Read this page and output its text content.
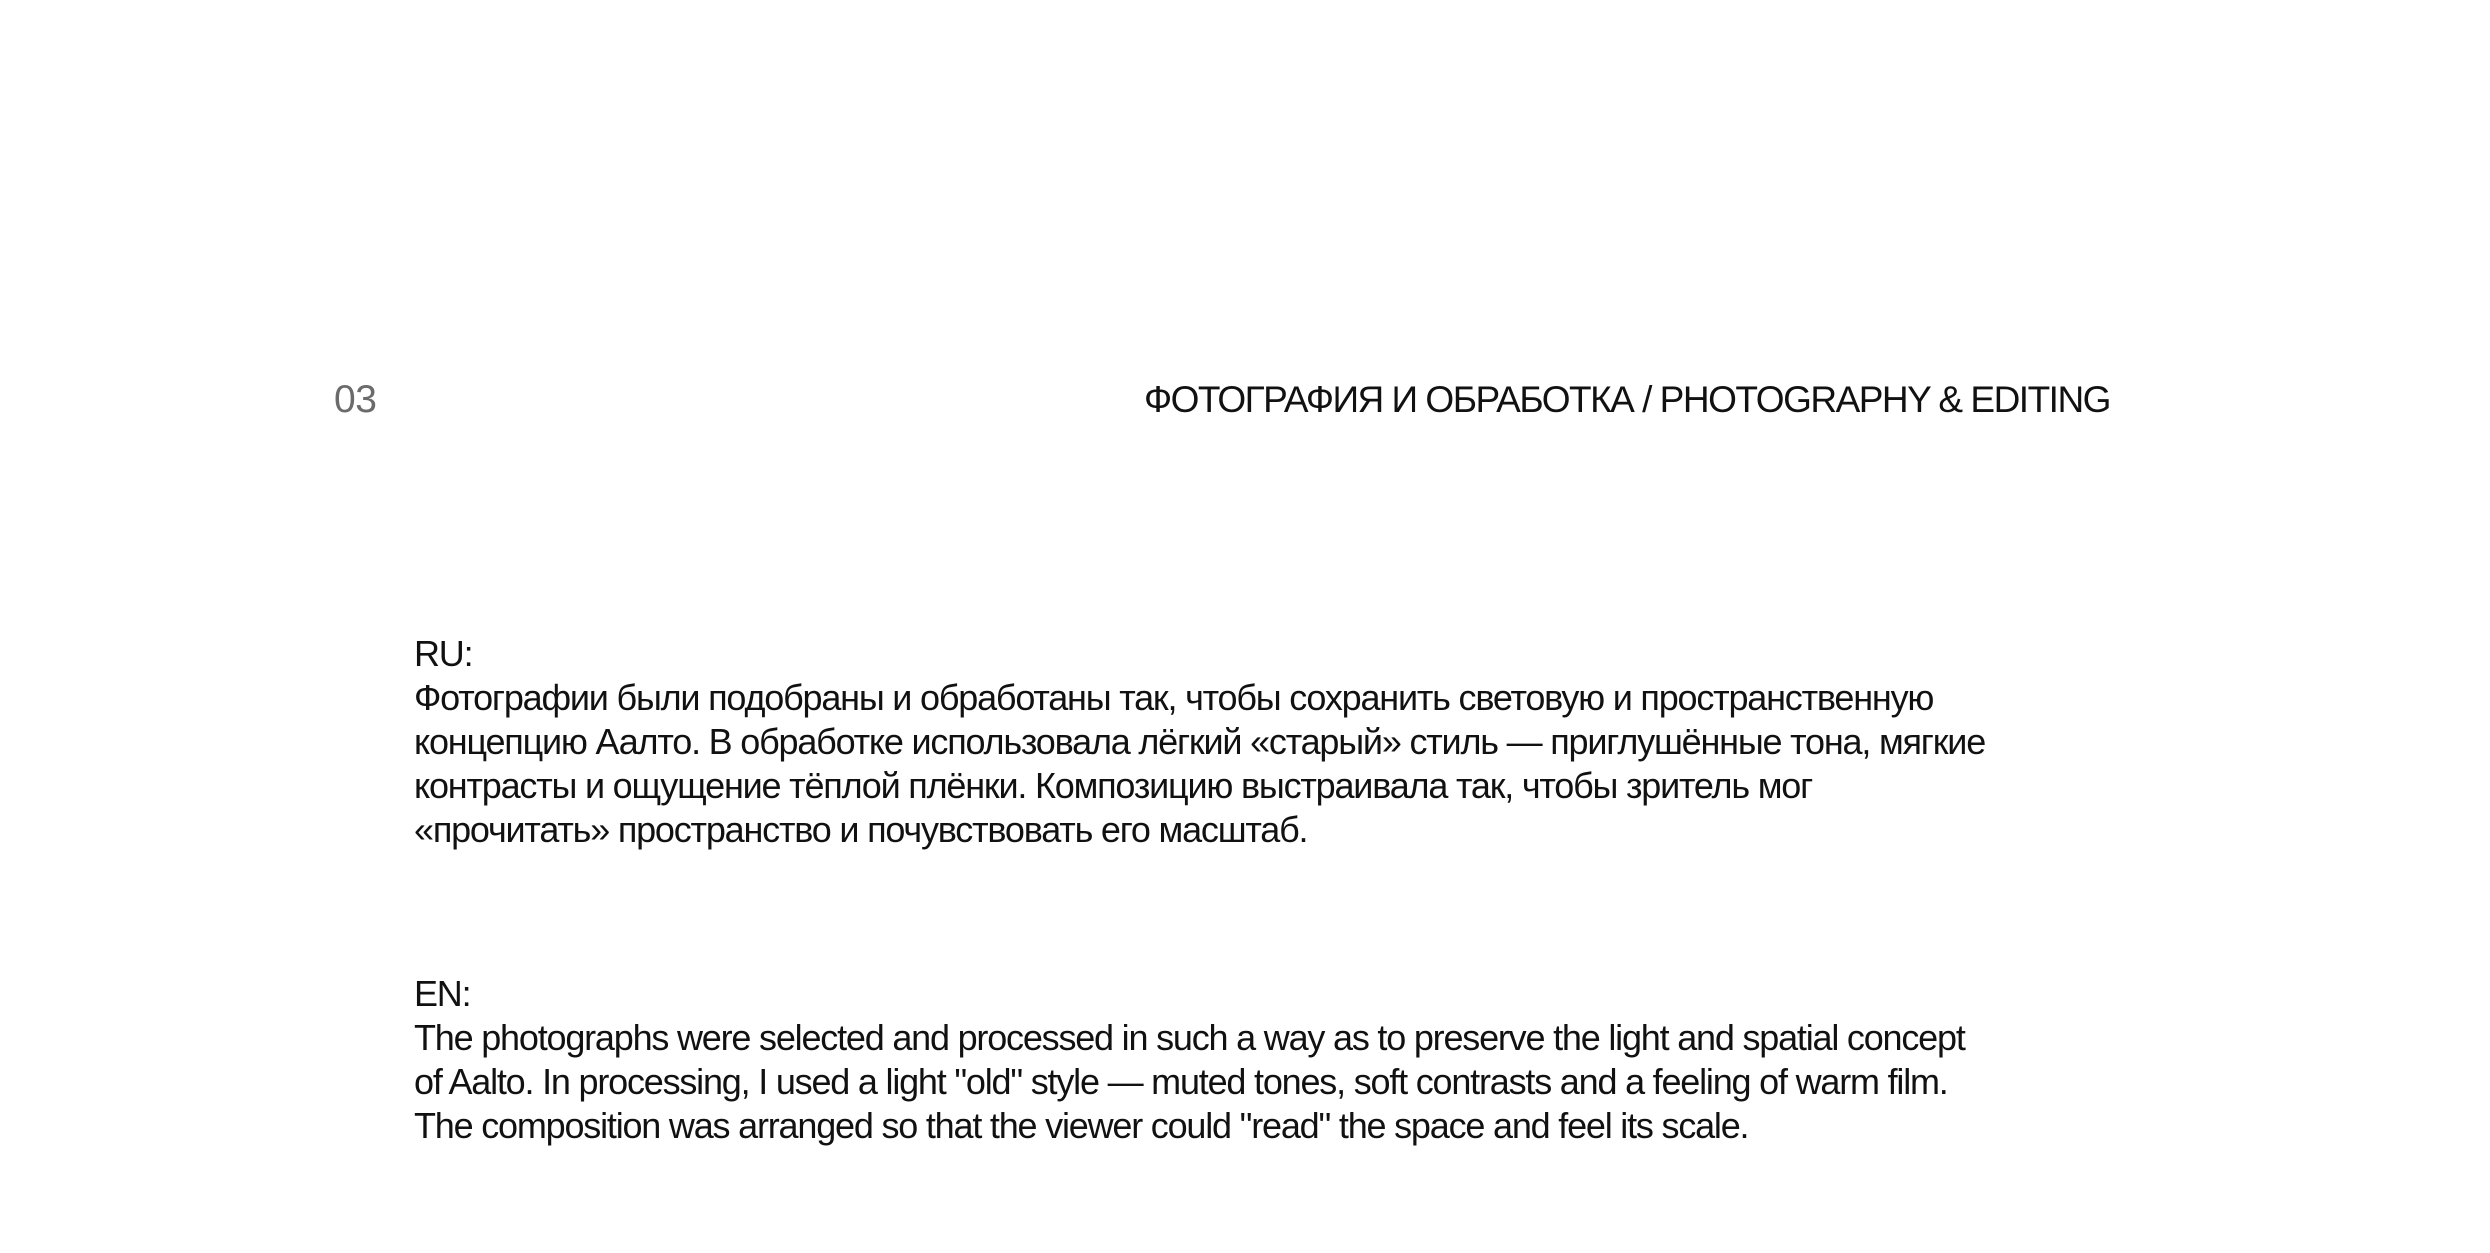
03	ФОТОГРАФИЯ И ОБРАБОТКА / PHOTOGRAPHY & EDITING
RU:
Фотографии были подобраны и обработаны так, чтобы сохранить световую и пространственную
концепцию Аалто. В обработке использовала лёгкий «старый» стиль — приглушённые тона, мягкие
контрасты и ощущение тёплой плёнки. Композицию выстраивала так, чтобы зритель мог
«прочитать» пространство и почувствовать его масштаб.
EN:
The photographs were selected and processed in such a way as to preserve the light and spatial concept
of Aalto. In processing, I used a light "old" style — muted tones, soft contrasts and a feeling of warm film.
The composition was arranged so that the viewer could "read" the space and feel its scale.
